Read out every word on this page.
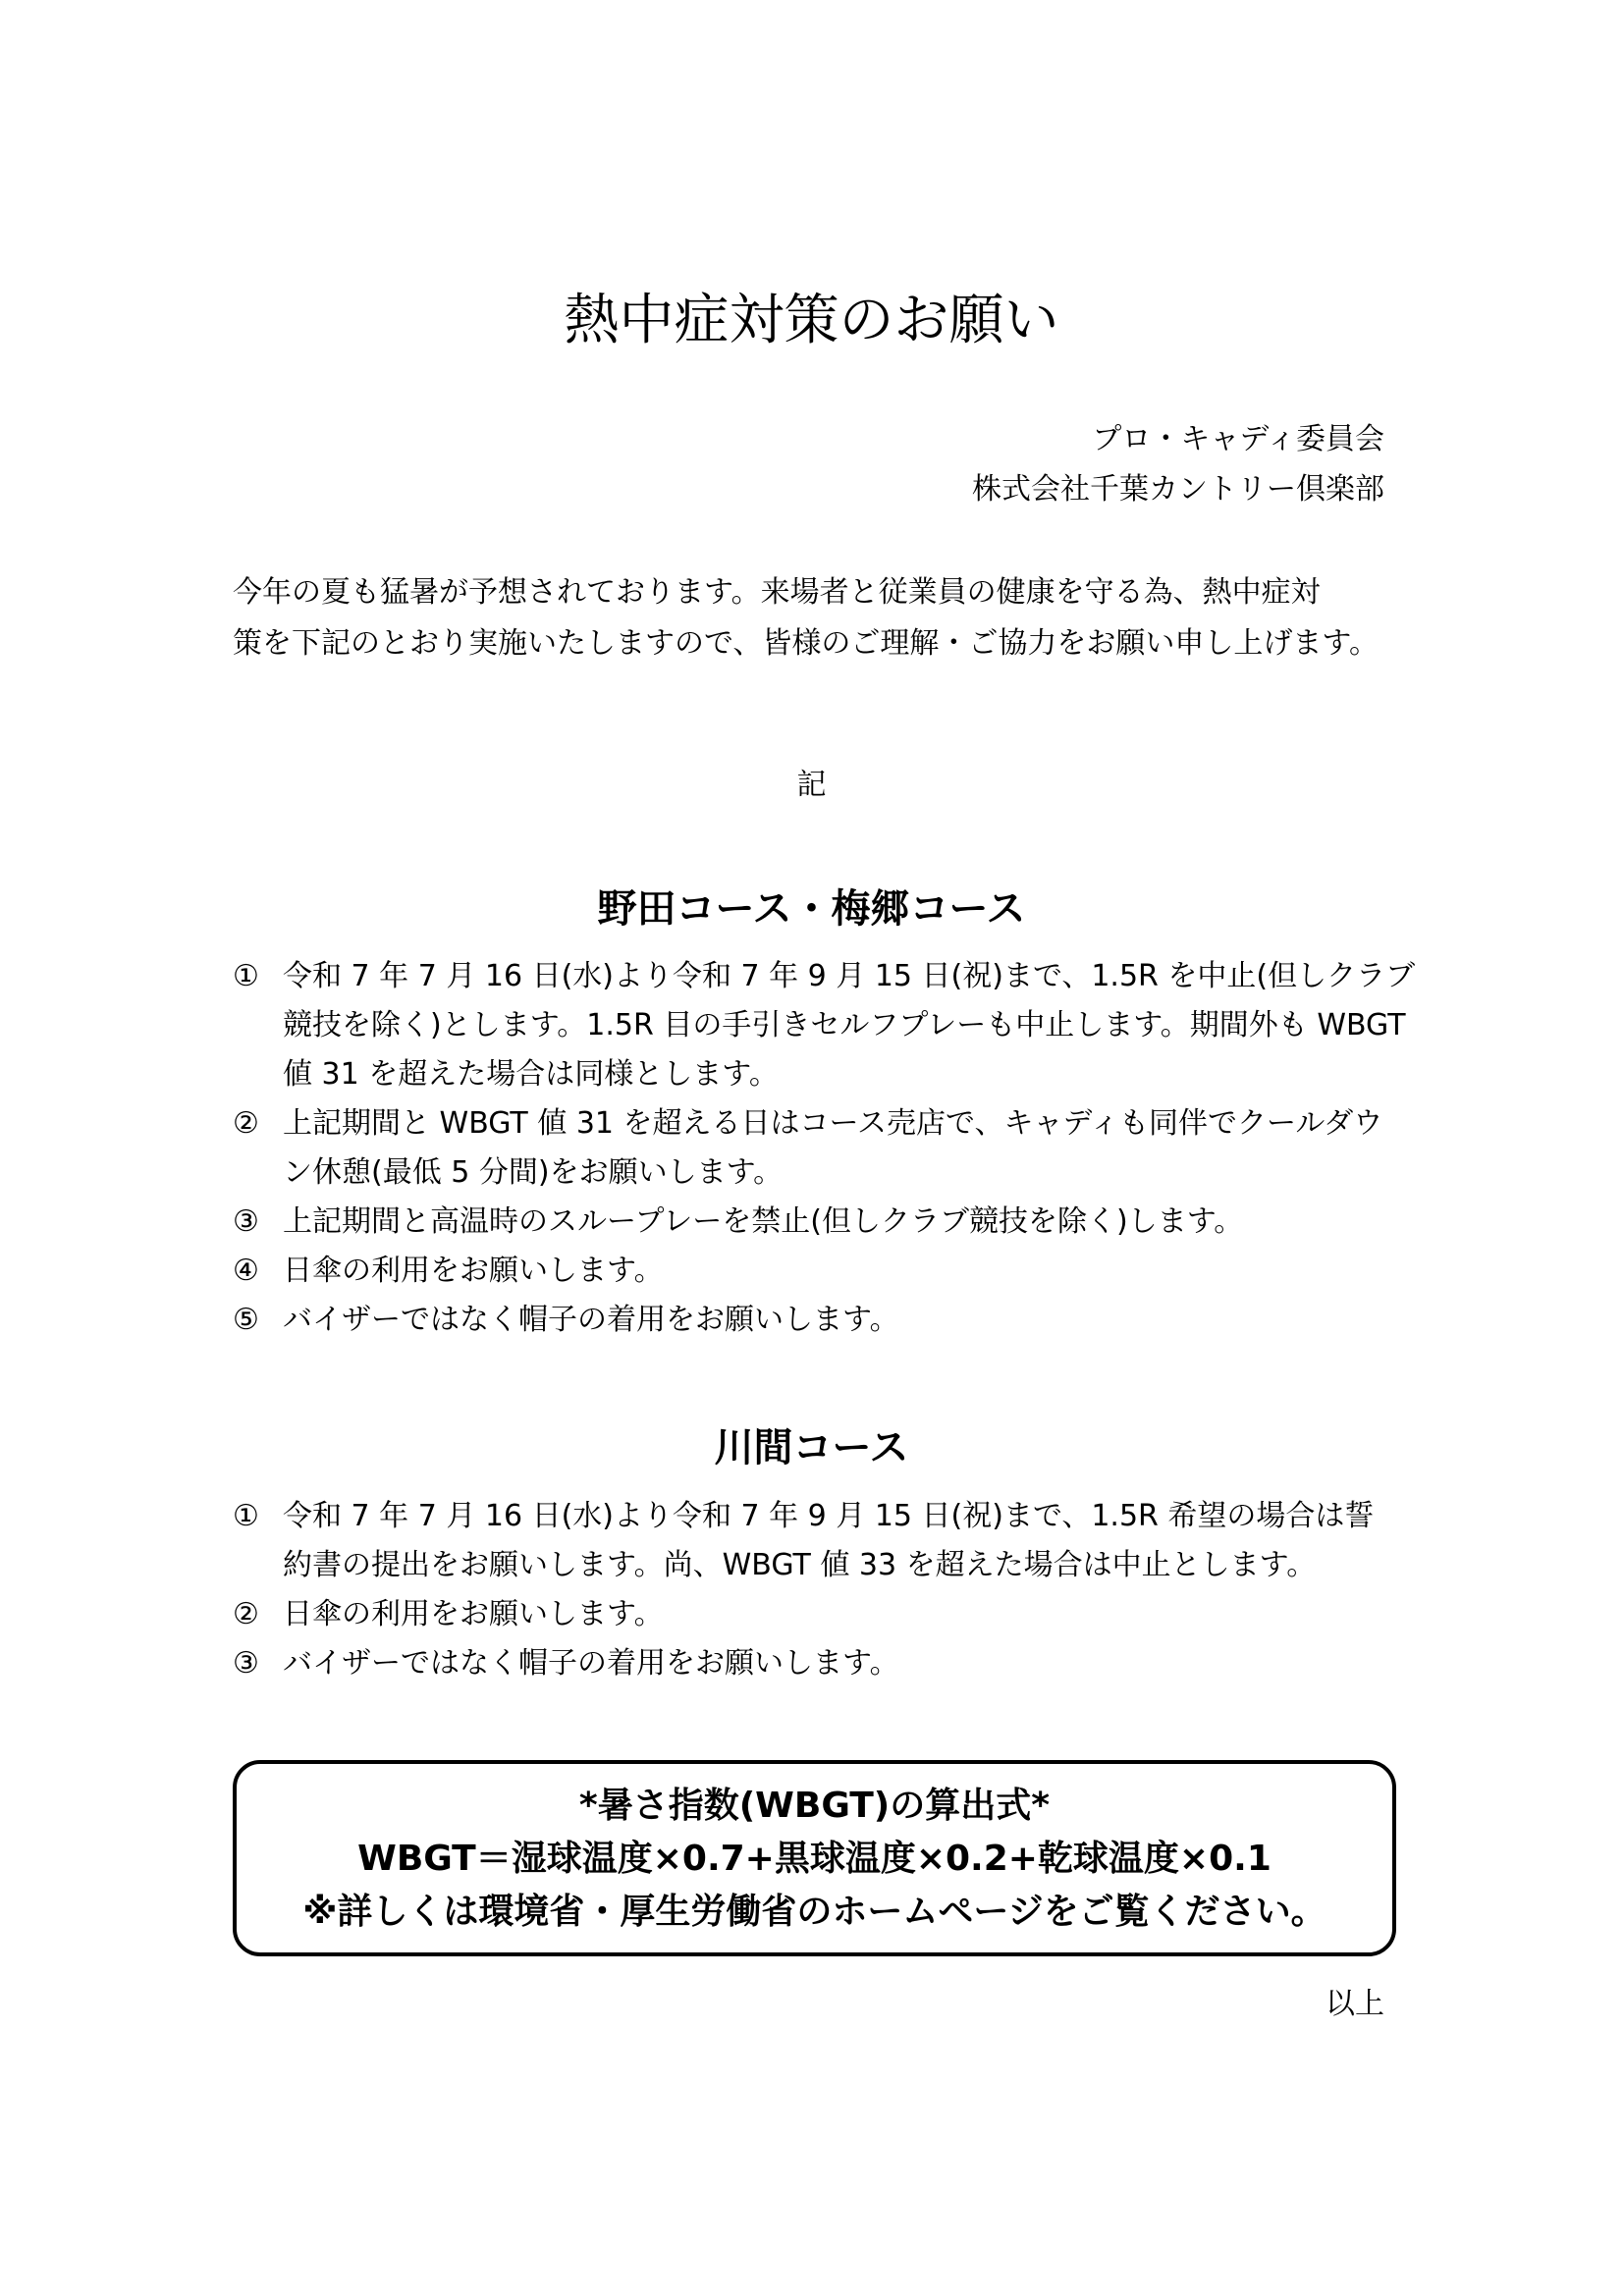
熱中症対策のお願い
プロ・キャディ委員会
株式会社千葉カントリー倶楽部
今年の夏も猛暑が予想されております。来場者と従業員の健康を守る為、熱中症対
策を下記のとおり実施いたしますので、皆様のご理解・ご協力をお願い申し上げます。
記
野田コース・梅郷コース
① 令和 7 年 7 月 16 日(水)より令和 7 年 9 月 15 日(祝)まで、1.5R を中止(但しクラブ
競技を除く)とします。1.5R 目の手引きセルフプレーも中止します。期間外も WBGT
値 31 を超えた場合は同様とします。
② 上記期間と WBGT 値 31 を超える日はコース売店で、キャディも同伴でクールダウ
ン休憩(最低 5 分間)をお願いします。
③ 上記期間と高温時のスループレーを禁止(但しクラブ競技を除く)します。
④ 日傘の利用をお願いします。
⑤ バイザーではなく帽子の着用をお願いします。
川間コース
① 令和 7 年 7 月 16 日(水)より令和 7 年 9 月 15 日(祝)まで、1.5R 希望の場合は誓
約書の提出をお願いします。尚、WBGT 値 33 を超えた場合は中止とします。
② 日傘の利用をお願いします。
③ バイザーではなく帽子の着用をお願いします。
*暑さ指数(WBGT)の算出式*
WBGT＝湿球温度×0.7+黒球温度×0.2+乾球温度×0.1
※詳しくは環境省・厚生労働省のホームページをご覧ください。
以上
